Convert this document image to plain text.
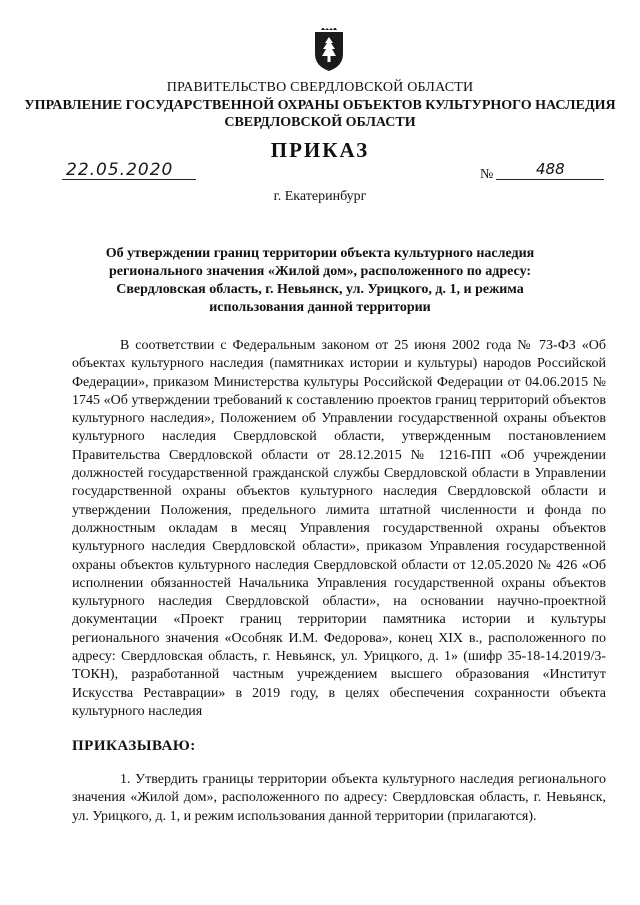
ПРАВИТЕЛЬСТВО СВЕРДЛОВСКОЙ ОБЛАСТИ
УПРАВЛЕНИЕ ГОСУДАРСТВЕННОЙ ОХРАНЫ ОБЪЕКТОВ КУЛЬТУРНОГО НАСЛЕДИЯ
СВЕРДЛОВСКОЙ ОБЛАСТИ
ПРИКАЗ
22.05.2020	№	488
г. Екатеринбург
Об утверждении границ территории объекта культурного наследия регионального значения «Жилой дом», расположенного по адресу: Свердловская область, г. Невьянск, ул. Урицкого, д. 1, и режима использования данной территории
В соответствии с Федеральным законом от 25 июня 2002 года № 73-ФЗ «Об объектах культурного наследия (памятниках истории и культуры) народов Российской Федерации», приказом Министерства культуры Российской Федерации от 04.06.2015 № 1745 «Об утверждении требований к составлению проектов границ территорий объектов культурного наследия», Положением об Управлении государственной охраны объектов культурного наследия Свердловской области, утвержденным постановлением Правительства Свердловской области от 28.12.2015 № 1216-ПП «Об учреждении должностей государственной гражданской службы Свердловской области в Управлении государственной охраны объектов культурного наследия Свердловской области и утверждении Положения, предельного лимита штатной численности и фонда по должностным окладам в месяц Управления государственной охраны объектов культурного наследия Свердловской области», приказом Управления государственной охраны объектов культурного наследия Свердловской области от 12.05.2020 № 426 «Об исполнении обязанностей Начальника Управления государственной охраны объектов культурного наследия Свердловской области», на основании научно-проектной документации «Проект границ территории памятника истории и культуры регионального значения «Особняк И.М. Федорова», конец XIX в., расположенного по адресу: Свердловская область, г. Невьянск, ул. Урицкого, д. 1» (шифр 35-18-14.2019/3-ТОКН), разработанной частным учреждением высшего образования «Институт Искусства Реставрации» в 2019 году, в целях обеспечения сохранности объекта культурного наследия
ПРИКАЗЫВАЮ:
1. Утвердить границы территории объекта культурного наследия регионального значения «Жилой дом», расположенного по адресу: Свердловская область, г. Невьянск, ул. Урицкого, д. 1, и режим использования данной территории (прилагаются).
